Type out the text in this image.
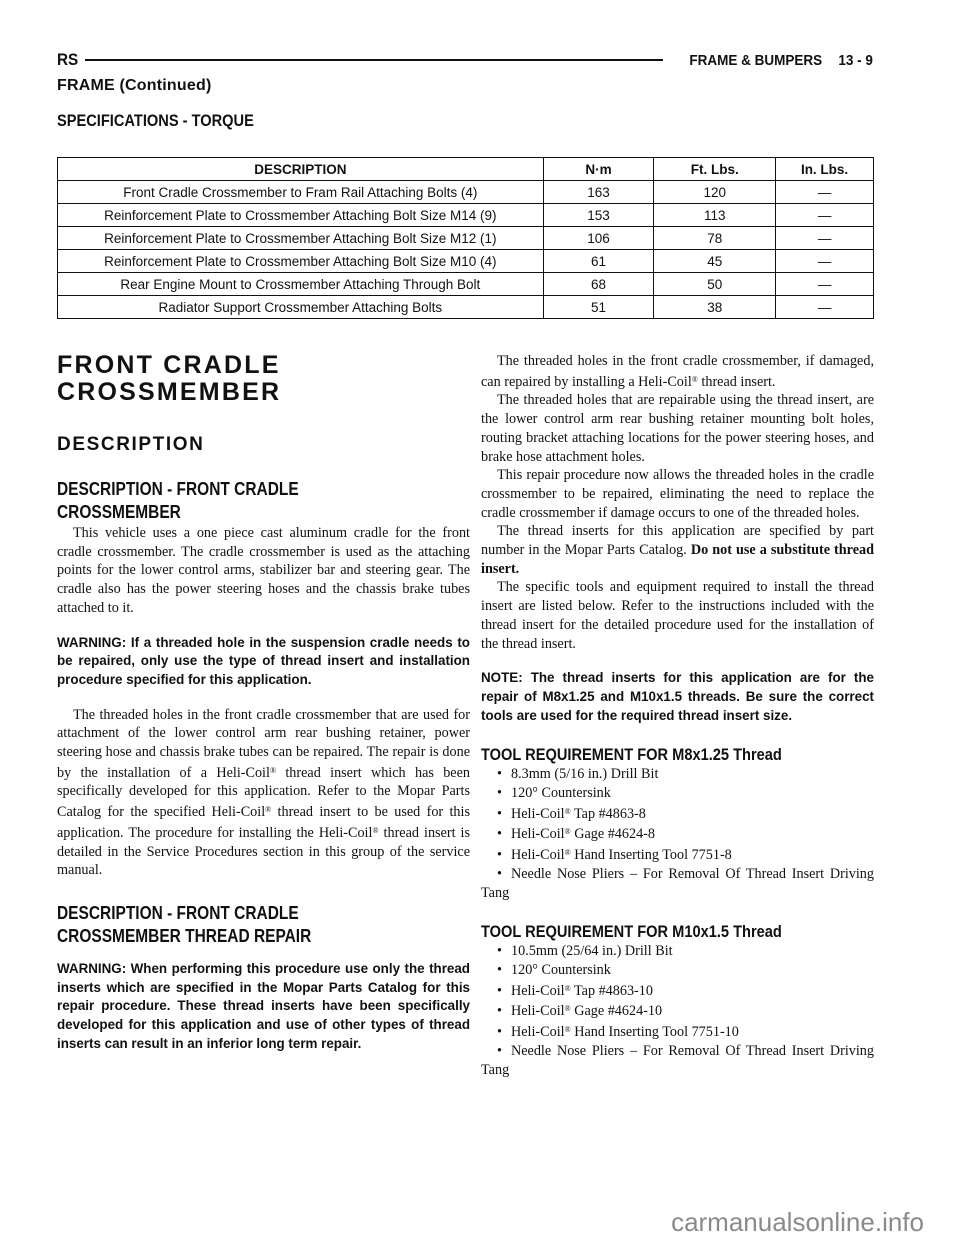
RS	FRAME & BUMPERS 13 - 9
FRAME (Continued)
SPECIFICATIONS - TORQUE
DESCRIPTION	N·m	Ft. Lbs.	In. Lbs.
Front Cradle Crossmember to Fram Rail Attaching Bolts (4)	163	120	—
Reinforcement Plate to Crossmember Attaching Bolt Size M14 (9)	153	113	—
Reinforcement Plate to Crossmember Attaching Bolt Size M12 (1)	106	78	—
Reinforcement Plate to Crossmember Attaching Bolt Size M10 (4)	61	45	—
Rear Engine Mount to Crossmember Attaching Through Bolt	68	50	—
Radiator Support Crossmember Attaching Bolts	51	38	—
FRONT CRADLE
CROSSMEMBER
DESCRIPTION
DESCRIPTION - FRONT CRADLE
CROSSMEMBER

This vehicle uses a one piece cast aluminum cradle for the front cradle crossmember. The cradle crossmember is used as the attaching points for the lower control arms, stabilizer bar and steering gear. The cradle also has the power steering hoses and the chassis brake tubes attached to it.

WARNING: If a threaded hole in the suspension cradle needs to be repaired, only use the type of thread insert and installation procedure specified for this application.

The threaded holes in the front cradle crossmember that are used for attachment of the lower control arm rear bushing retainer, power steering hose and chassis brake tubes can be repaired. The repair is done by the installation of a Heli-Coil® thread insert which has been specifically developed for this application. Refer to the Mopar Parts Catalog for the specified Heli-Coil® thread insert to be used for this application. The procedure for installing the Heli-Coil® thread insert is detailed in the Service Procedures section in this group of the service manual.

DESCRIPTION - FRONT CRADLE
CROSSMEMBER THREAD REPAIR

WARNING: When performing this procedure use only the thread inserts which are specified in the Mopar Parts Catalog for this repair procedure. These thread inserts have been specifically developed for this application and use of other types of thread inserts can result in an inferior long term repair.

The threaded holes in the front cradle crossmember, if damaged, can repaired by installing a Heli-Coil® thread insert.

The threaded holes that are repairable using the thread insert, are the lower control arm rear bushing retainer mounting bolt holes, routing bracket attaching locations for the power steering hoses, and brake hose attachment holes.

This repair procedure now allows the threaded holes in the cradle crossmember to be repaired, eliminating the need to replace the cradle crossmember if damage occurs to one of the threaded holes.

The thread inserts for this application are specified by part number in the Mopar Parts Catalog. Do not use a substitute thread insert.

The specific tools and equipment required to install the thread insert are listed below. Refer to the instructions included with the thread insert for the detailed procedure used for the installation of the thread insert.

NOTE: The thread inserts for this application are for the repair of M8x1.25 and M10x1.5 threads. Be sure the correct tools are used for the required thread insert size.

TOOL REQUIREMENT FOR M8x1.25 Thread
• 8.3mm (5/16 in.) Drill Bit
• 120° Countersink
• Heli-Coil® Tap #4863-8
• Heli-Coil® Gage #4624-8
• Heli-Coil® Hand Inserting Tool 7751-8
• Needle Nose Pliers – For Removal Of Thread Insert Driving Tang
TOOL REQUIREMENT FOR M10x1.5 Thread
• 10.5mm (25/64 in.) Drill Bit
• 120° Countersink
• Heli-Coil® Tap #4863-10
• Heli-Coil® Gage #4624-10
• Heli-Coil® Hand Inserting Tool 7751-10
• Needle Nose Pliers – For Removal Of Thread Insert Driving Tang
carmanualsonline.info
